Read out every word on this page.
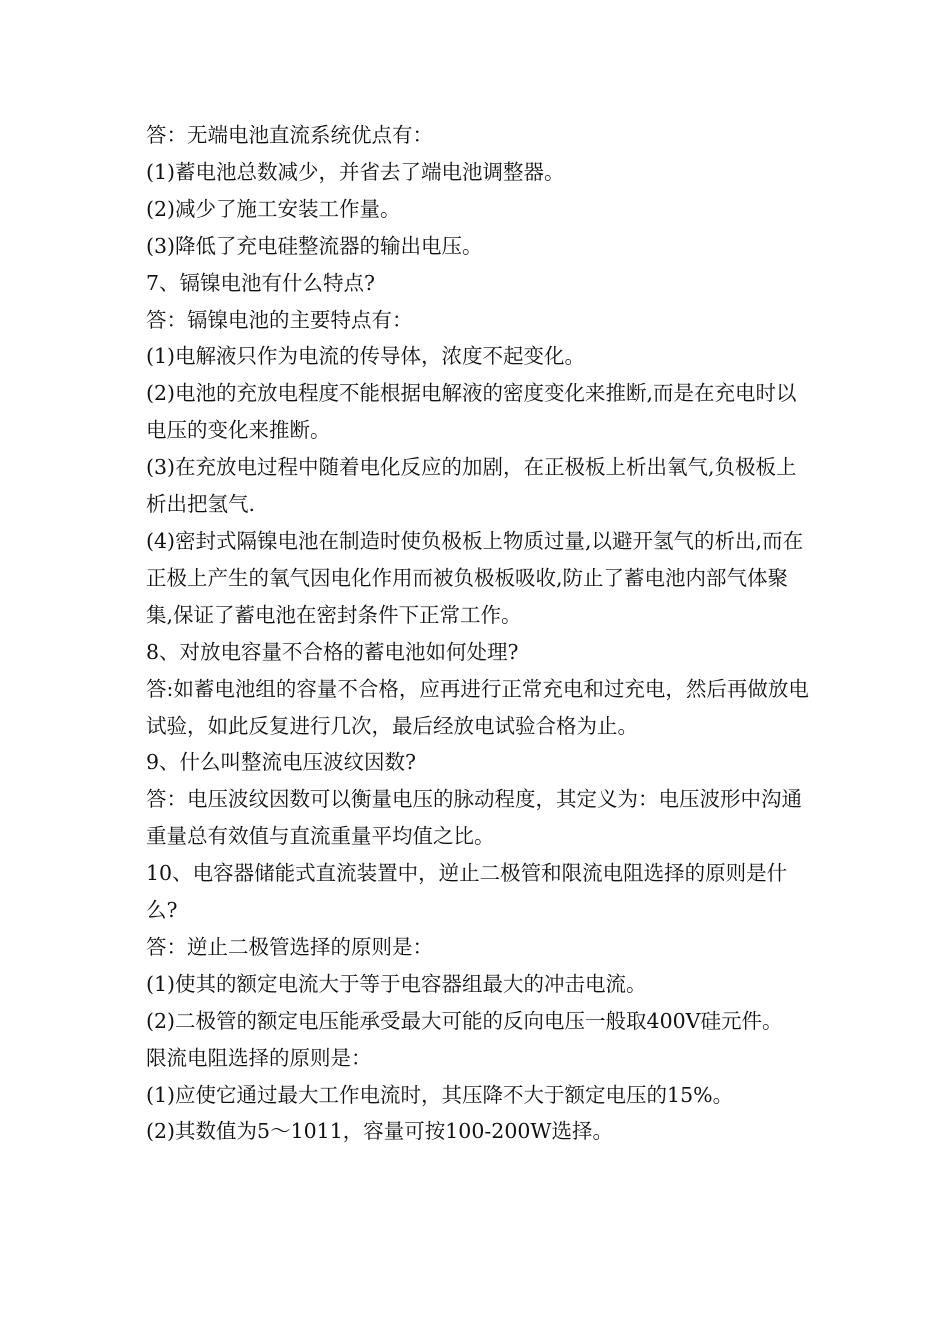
答：无端电池直流系统优点有：

(1)蓄电池总数减少，并省去了端电池调整器。

(2)减少了施工安装工作量。

(3)降低了充电硅整流器的输出电压。

7、镉镍电池有什么特点?

答：镉镍电池的主要特点有：

(1)电解液只作为电流的传导体，浓度不起变化。

(2)电池的充放电程度不能根据电解液的密度变化来推断,而是在充电时以电压的变化来推断。

(3)在充放电过程中随着电化反应的加剧，在正极板上析出氧气,负极板上析出把氢气.

(4)密封式隔镍电池在制造时使负极板上物质过量,以避开氢气的析出,而在正极上产生的氧气因电化作用而被负极板吸收,防止了蓄电池内部气体聚集,保证了蓄电池在密封条件下正常工作。

8、对放电容量不合格的蓄电池如何处理?

答:如蓄电池组的容量不合格，应再进行正常充电和过充电，然后再做放电试验，如此反复进行几次，最后经放电试验合格为止。

9、什么叫整流电压波纹因数?

答：电压波纹因数可以衡量电压的脉动程度，其定义为：电压波形中沟通重量总有效值与直流重量平均值之比。

10、电容器储能式直流装置中，逆止二极管和限流电阻选择的原则是什么?

答：逆止二极管选择的原则是：

(1)使其的额定电流大于等于电容器组最大的冲击电流。

(2)二极管的额定电压能承受最大可能的反向电压一般取400V硅元件。

限流电阻选择的原则是：

(1)应使它通过最大工作电流时，其压降不大于额定电压的15%。

(2)其数值为5～1011，容量可按100-200W选择。
